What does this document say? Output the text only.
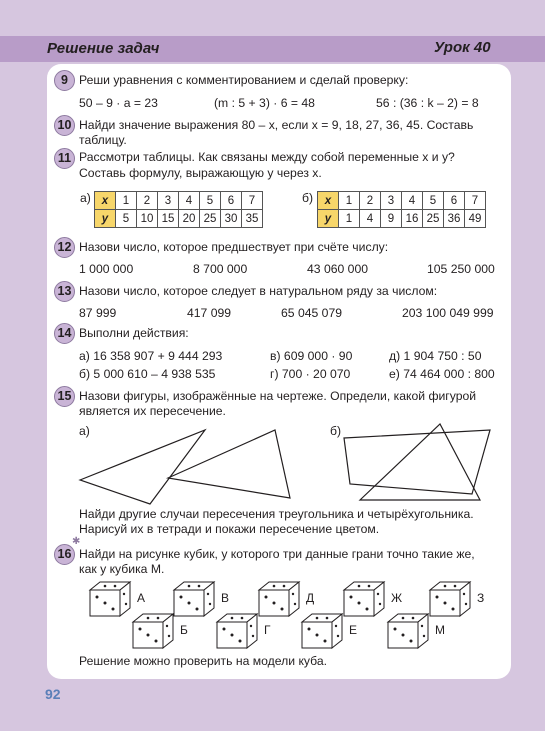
Решение задач	Урок 40
9 Реши уравнения с комментированием и сделай проверку:
50 – 9 · a = 23	(m : 5 + 3) · 6 = 48	56 : (36 : k – 2) = 8
10 Найди значение выражения 80 – x, если x = 9, 18, 27, 36, 45. Составь
таблицу.
11 Рассмотри таблицы. Как связаны между собой переменные x и y?
Составь формулу, выражающую y через x.
а) x	1	2	3	4	5	6	7
y	5	10	15	20	25	30	35
б) x	1	2	3	4	5	6	7
y	1	4	9	16	25	36	49
12 Назови число, которое предшествует при счёте числу:
1 000 000	8 700 000	43 060 000	105 250 000
13 Назови число, которое следует в натуральном ряду за числом:
87 999	417 099	65 045 079	203 100 049 999
14 Выполни действия:
а) 16 358 907 + 9 444 293	в) 609 000 · 90	д) 1 904 750 : 50
б) 5 000 610 – 4 938 535	г) 700 · 20 070	е) 74 464 000 : 800
15 Назови фигуры, изображённые на чертеже. Определи, какой фигурой
является их пересечение.
а)	б)
Найди другие случаи пересечения треугольника и четырёхугольника.
Нарисуй их в тетради и покажи пересечение цветом.
✱
16 Найди на рисунке кубик, у которого три данные грани точно такие же,
как у кубика М.
А	В	Д	Ж	З
Б	Г	Е	М
Решение можно проверить на модели куба.
92
